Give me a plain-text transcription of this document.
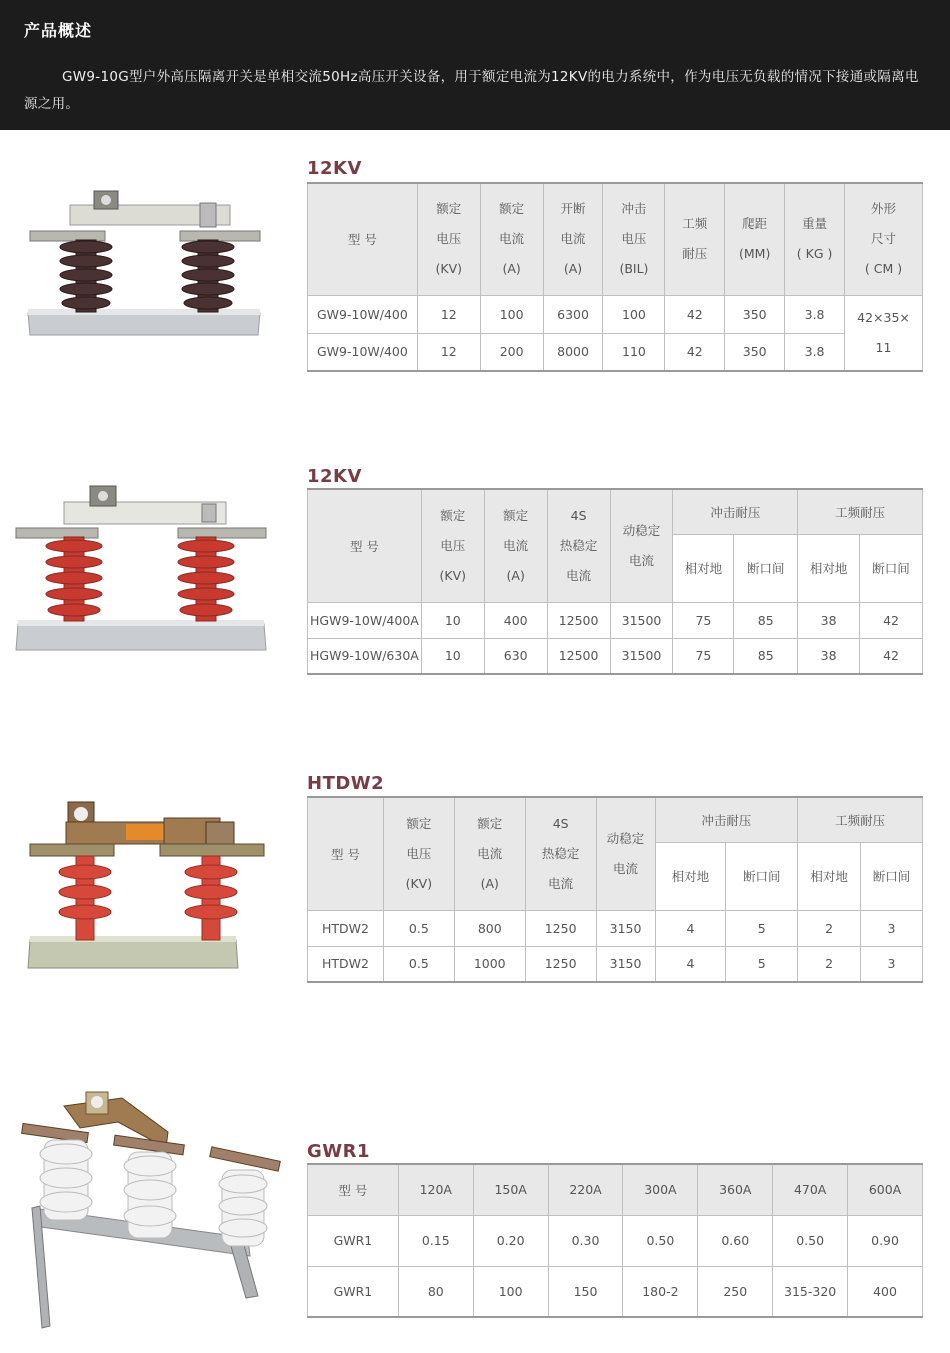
产品概述
GW9-10G型户外高压隔离开关是单相交流50Hz高压开关设备，用于额定电流为12KV的电力系统中，作为电压无负载的情况下接通或隔离电源之用。
12KV
型 号	额定
电压
(KV)	额定
电流
(A)	开断
电流
(A)	冲击
电压
(BIL)	工频
耐压	爬距
(MM)	重量
( KG )	外形
尺寸
( CM )

GW9-10W/400	12	100	6300	100	42	350	3.8	42×35×
11

GW9-10W/400	12	200	8000	110	42	350	3.8	
12KV
型 号	额定
电压
(KV)	额定
电流
(A)	4S
热稳定
电流	动稳定
电流	冲击耐压		工频耐压	
					相对地	断口间	相对地	断口间
HGW9-10W/400A	10	400	12500	31500	75	85	38	42
HGW9-10W/630A	10	630	12500	31500	75	85	38	42
HTDW2
型 号	额定
电压
(KV)	额定
电流
(A)	4S
热稳定
电流	动稳定
电流	冲击耐压		工频耐压	
					相对地	断口间	相对地	断口间
HTDW2	0.5	800	1250	3150	4	5	2	3
HTDW2	0.5	1000	1250	3150	4	5	2	3
GWR1
型 号	120A	150A	220A	300A	360A	470A	600A
GWR1	0.15	0.20	0.30	0.50	0.60	0.50	0.90
GWR1	80	100	150	180-2	250	315-320	400
